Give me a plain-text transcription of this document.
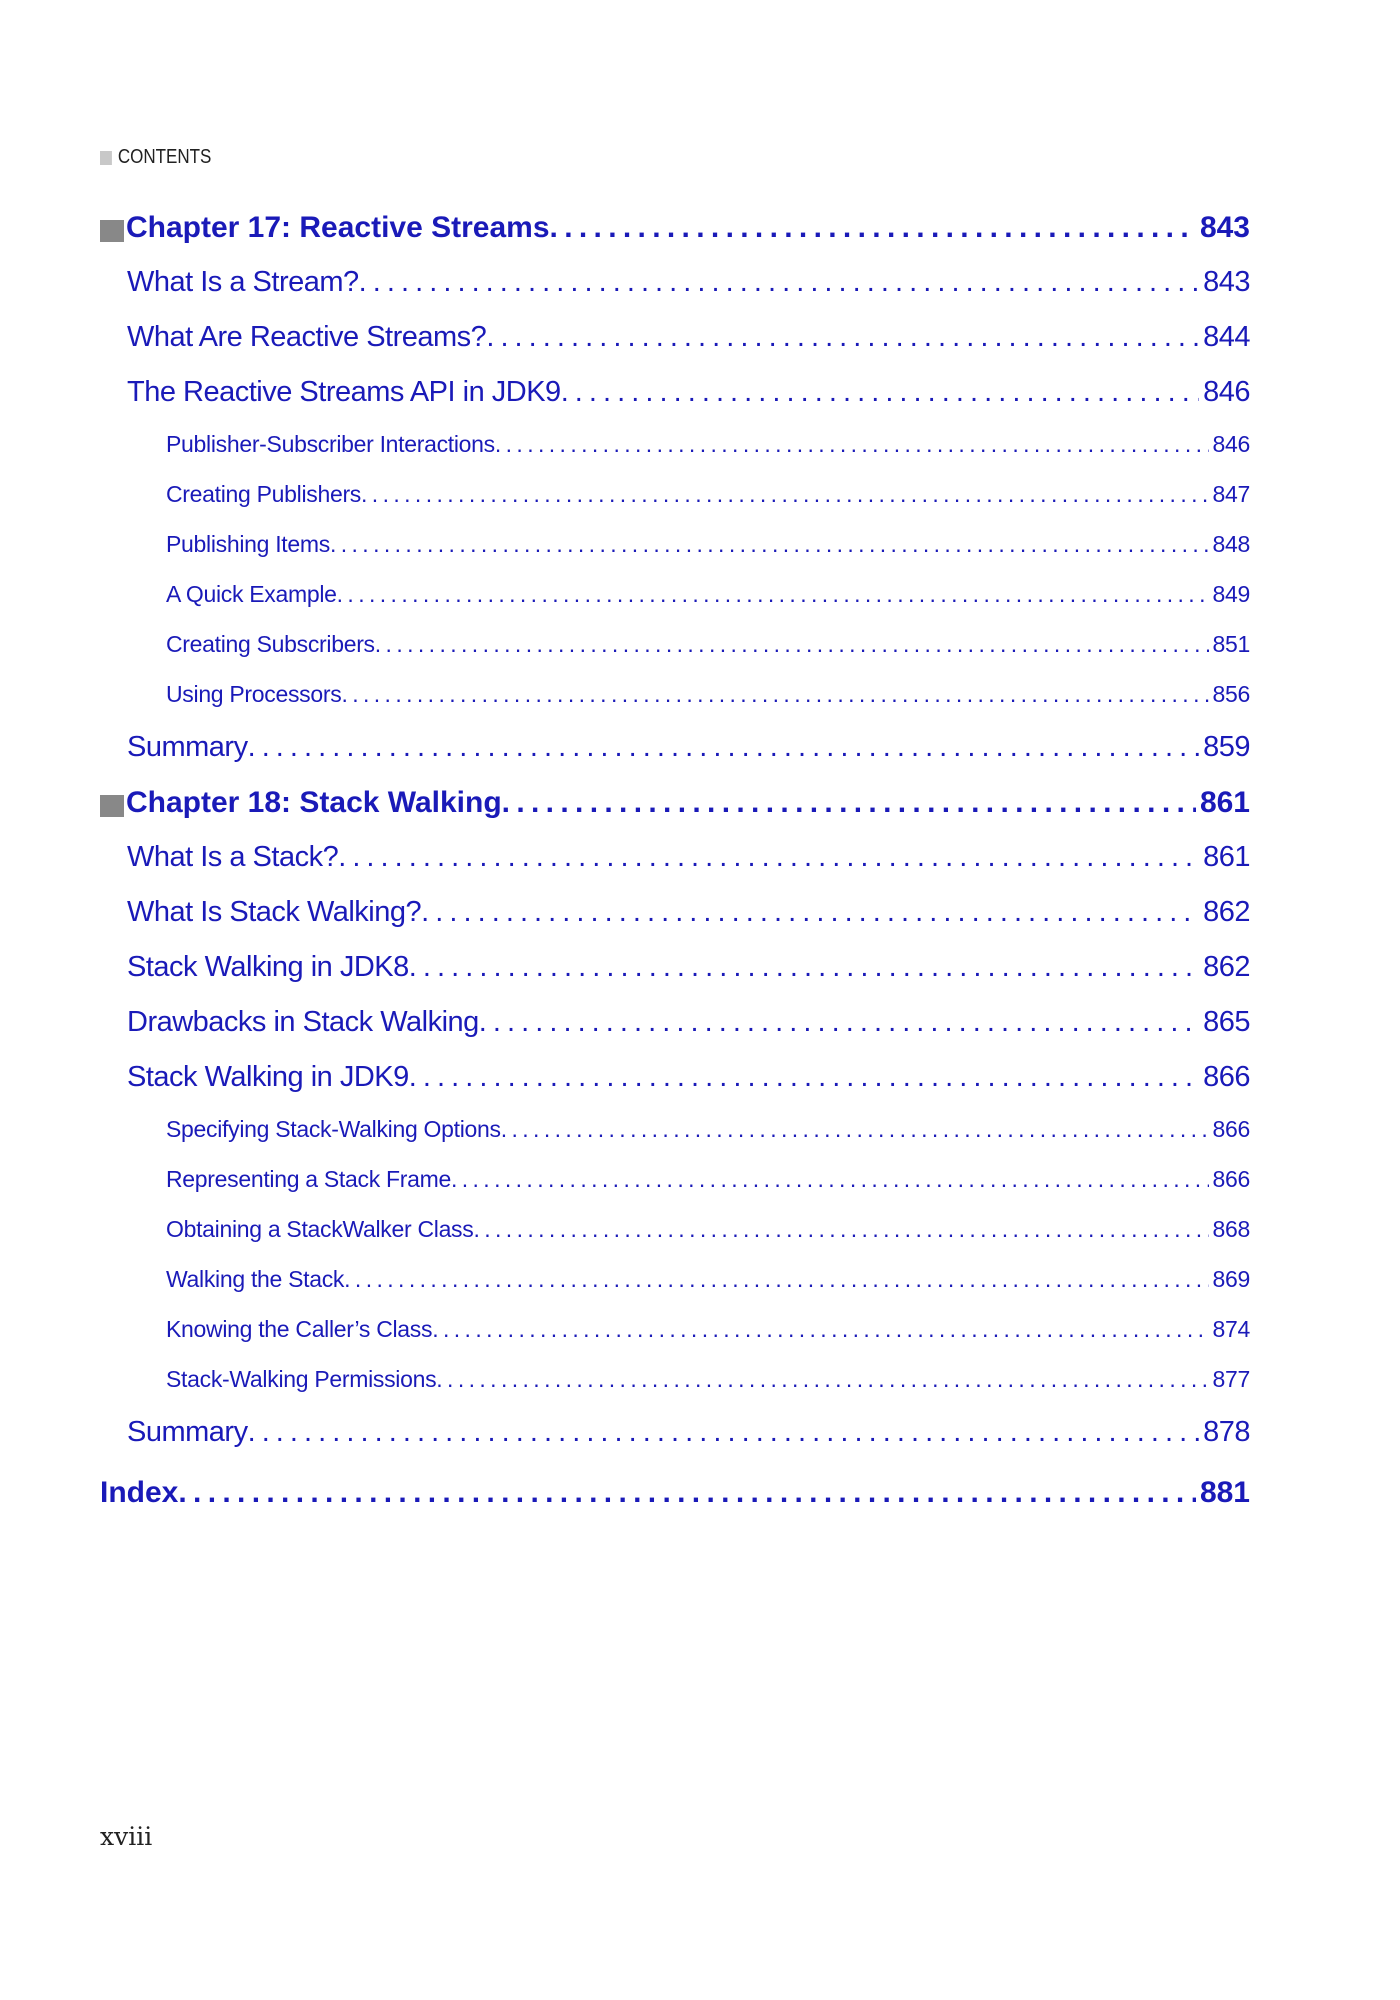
CONTENTS
Chapter 17: Reactive Streams . . .	843
What Is a Stream? . . .	843
What Are Reactive Streams? . . .	844
The Reactive Streams API in JDK9 . . .	846
Publisher-Subscriber Interactions . . .	846
Creating Publishers . . .	847
Publishing Items . . .	848
A Quick Example . . .	849
Creating Subscribers . . .	851
Using Processors . . .	856
Summary . . .	859
Chapter 18: Stack Walking . . .	861
What Is a Stack? . . .	861
What Is Stack Walking? . . .	862
Stack Walking in JDK8 . . .	862
Drawbacks in Stack Walking . . .	865
Stack Walking in JDK9 . . .	866
Specifying Stack-Walking Options . . .	866
Representing a Stack Frame . . .	866
Obtaining a StackWalker Class . . .	868
Walking the Stack . . .	869
Knowing the Caller’s Class . . .	874
Stack-Walking Permissions . . .	877
Summary . . .	878
Index . . .	881
xviii
